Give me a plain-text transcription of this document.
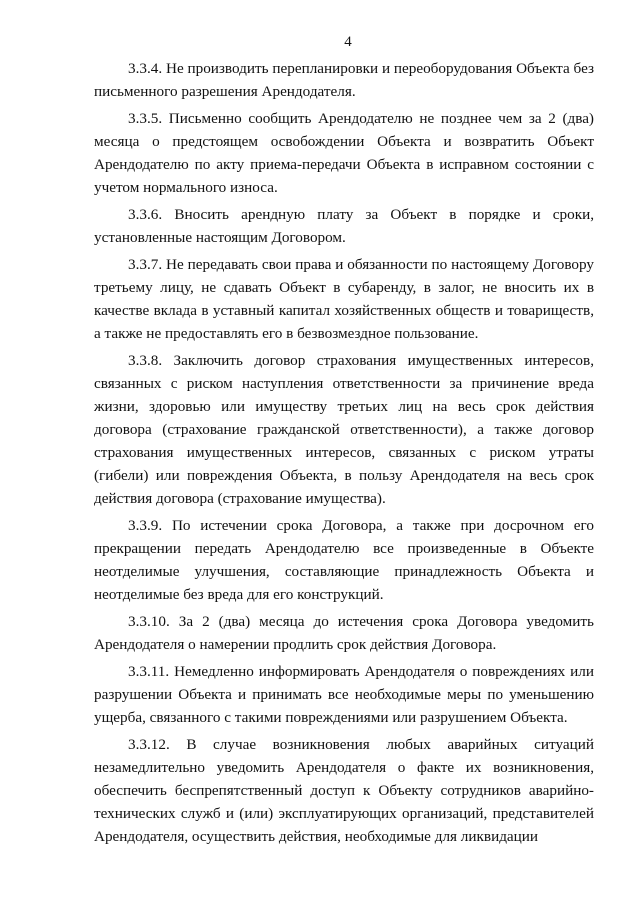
4

3.3.4. Не производить перепланировки и переоборудования Объекта без письменного разрешения Арендодателя.

3.3.5. Письменно сообщить Арендодателю не позднее чем за 2 (два) месяца о предстоящем освобождении Объекта и возвратить Объект Арендодателю по акту приема-передачи Объекта в исправном состоянии с учетом нормального износа.

3.3.6. Вносить арендную плату за Объект в порядке и сроки, установленные настоящим Договором.

3.3.7. Не передавать свои права и обязанности по настоящему Договору третьему лицу, не сдавать Объект в субаренду, в залог, не вносить их в качестве вклада в уставный капитал хозяйственных обществ и товариществ, а также не предоставлять его в безвозмездное пользование.

3.3.8. Заключить договор страхования имущественных интересов, связанных с риском наступления ответственности за причинение вреда жизни, здоровью или имуществу третьих лиц на весь срок действия договора (страхование гражданской ответственности), а также договор страхования имущественных интересов, связанных с риском утраты (гибели) или повреждения Объекта, в пользу Арендодателя на весь срок действия договора (страхование имущества).

3.3.9. По истечении срока Договора, а также при досрочном его прекращении передать Арендодателю все произведенные в Объекте неотделимые улучшения, составляющие принадлежность Объекта и неотделимые без вреда для его конструкций.

3.3.10. За 2 (два) месяца до истечения срока Договора уведомить Арендодателя о намерении продлить срок действия Договора.

3.3.11. Немедленно информировать Арендодателя о повреждениях или разрушении Объекта и принимать все необходимые меры по уменьшению ущерба, связанного с такими повреждениями или разрушением Объекта.

3.3.12. В случае возникновения любых аварийных ситуаций незамедлительно уведомить Арендодателя о факте их возникновения, обеспечить беспрепятственный доступ к Объекту сотрудников аварийно-технических служб и (или) эксплуатирующих организаций, представителей Арендодателя, осуществить действия, необходимые для ликвидации
